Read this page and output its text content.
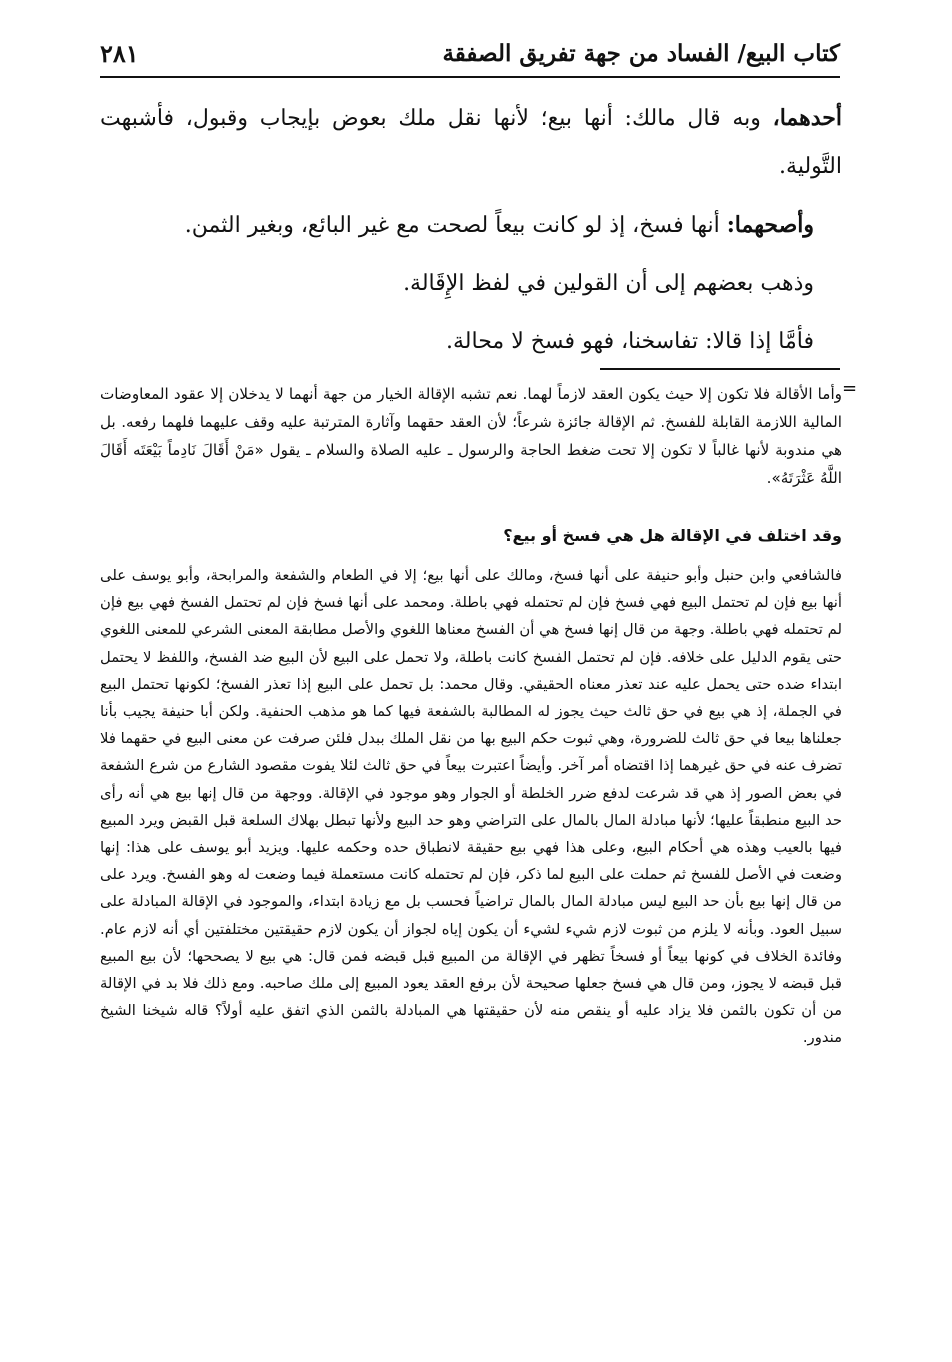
كتاب البيع/ الفساد من جهة تفريق الصفقة
٢٨١

أحدهما، وبه قال مالك: أنها بيع؛ لأنها نقل ملك بعوض بإيجاب وقبول، فأشبهت التَّولية.

وأصحهما: أنها فسخ، إذ لو كانت بيعاً لصحت مع غير البائع، وبغير الثمن.

وذهب بعضهم إلى أن القولين في لفظ الإِقَالة.

فأمَّا إذا قالا: تفاسخنا، فهو فسخ لا محالة.

=
وأما الأقالة فلا تكون إلا حيث يكون العقد لازماً لهما. نعم تشبه الإقالة الخيار من جهة أنهما لا يدخلان إلا عقود المعاوضات المالية اللازمة القابلة للفسخ. ثم الإقالة جائزة شرعاً؛ لأن العقد حقهما وآثارة المترتبة عليه وقف عليهما فلهما رفعه. بل هي مندوبة لأنها غالباً لا تكون إلا تحت ضغط الحاجة والرسول ـ عليه الصلاة والسلام ـ يقول «مَنْ أَقَالَ نَادِماً بَيْعَتَه أَقَالَ اللَّهُ عَثْرَتَهُ».
وقد اختلف في الإقالة هل هي فسخ أو بيع؟
فالشافعي وابن حنبل وأبو حنيفة على أنها فسخ، ومالك على أنها بيع؛ إلا في الطعام والشفعة والمرابحة، وأبو يوسف على أنها بيع فإن لم تحتمل البيع فهي فسخ فإن لم تحتمله فهي باطلة. ومحمد على أنها فسخ فإن لم تحتمل الفسخ فهي بيع فإن لم تحتمله فهي باطلة. وجهة من قال إنها فسخ هي أن الفسخ معناها اللغوي والأصل مطابقة المعنى الشرعي للمعنى اللغوي حتى يقوم الدليل على خلافه. فإن لم تحتمل الفسخ كانت باطلة، ولا تحمل على البيع لأن البيع ضد الفسخ، واللفظ لا يحتمل ابتداء ضده حتى يحمل عليه عند تعذر معناه الحقيقي. وقال محمد: بل تحمل على البيع إذا تعذر الفسخ؛ لكونها تحتمل البيع في الجملة، إذ هي بيع في حق ثالث حيث يجوز له المطالبة بالشفعة فيها كما هو مذهب الحنفية. ولكن أبا حنيفة يجيب بأنا جعلناها بيعا في حق ثالث للضرورة، وهي ثبوت حكم البيع بها من نقل الملك ببدل فلئن صرفت عن معنى البيع في حقهما فلا تضرف عنه في حق غيرهما إذا اقتضاه أمر آخر. وأيضاً اعتبرت بيعاً في حق ثالث لئلا يفوت مقصود الشارع من شرع الشفعة في بعض الصور إذ هي قد شرعت لدفع ضرر الخلطة أو الجوار وهو موجود في الإقالة. ووجهة من قال إنها بيع هي أنه رأى حد البيع منطبقاً عليها؛ لأنها مبادلة المال بالمال على التراضي وهو حد البيع ولأنها تبطل بهلاك السلعة قبل القبض ويرد المبيع فيها بالعيب وهذه هي أحكام البيع، وعلى هذا فهي بيع حقيقة لانطباق حده وحكمه عليها. ويزيد أبو يوسف على هذا: إنها وضعت في الأصل للفسخ ثم حملت على البيع لما ذكر، فإن لم تحتمله كانت مستعملة فيما وضعت له وهو الفسخ. ويرد على من قال إنها بيع بأن حد البيع ليس مبادلة المال بالمال تراضياً فحسب بل مع زيادة ابتداء، والموجود في الإقالة المبادلة على سبيل العود. وبأنه لا يلزم من ثبوت لازم شيء لشيء أن يكون إياه لجواز أن يكون لازم حقيقتين مختلفتين أي أنه لازم عام. وفائدة الخلاف في كونها بيعاً أو فسخاً تظهر في الإقالة من المبيع قبل قبضه فمن قال: هي بيع لا يصححها؛ لأن بيع المبيع قبل قبضه لا يجوز، ومن قال هي فسخ جعلها صحيحة لأن برفع العقد يعود المبيع إلى ملك صاحبه. ومع ذلك فلا بد في الإقالة من أن تكون بالثمن فلا يزاد عليه أو ينقص منه لأن حقيقتها هي المبادلة بالثمن الذي اتفق عليه أولاً؟ قاله شيخنا الشيخ مندور.
